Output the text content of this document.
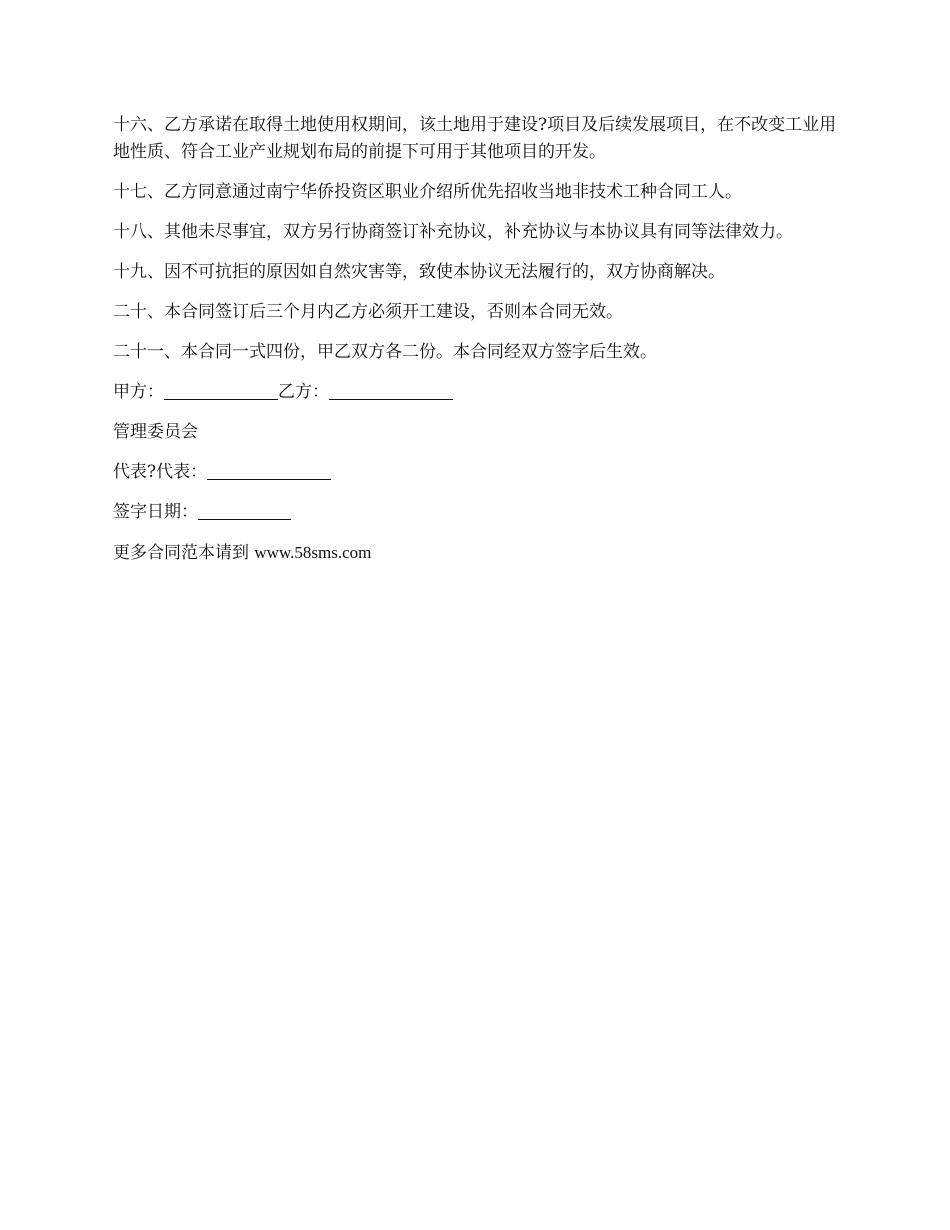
十六、乙方承诺在取得土地使用权期间，该土地用于建设?项目及后续发展项目，在不改变工业用地性质、符合工业产业规划布局的前提下可用于其他项目的开发。

十七、乙方同意通过南宁华侨投资区职业介绍所优先招收当地非技术工种合同工人。

十八、其他未尽事宜，双方另行协商签订补充协议，补充协议与本协议具有同等法律效力。

十九、因不可抗拒的原因如自然灾害等，致使本协议无法履行的，双方协商解决。

二十、本合同签订后三个月内乙方必须开工建设，否则本合同无效。

二十一、本合同一式四份，甲乙双方各二份。本合同经双方签字后生效。

甲方：	乙方：

管理委员会

代表?代表：

签字日期：

更多合同范本请到 www.58sms.com
